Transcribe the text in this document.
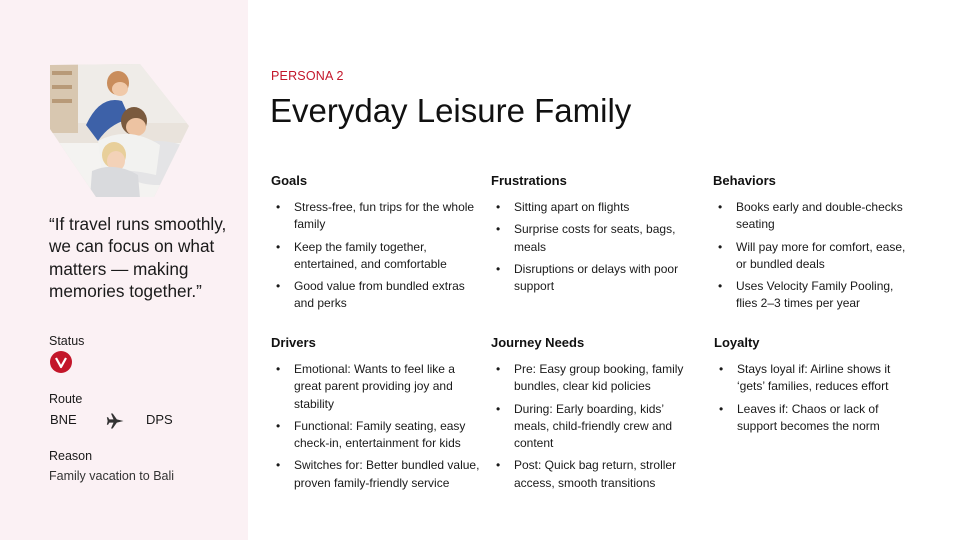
“If travel runs smoothly, we can focus on what matters — making memories together.”
Status
Route
BNE	DPS
Reason
Family vacation to Bali
PERSONA 2
Everyday Leisure Family
Goals
• Stress-free, fun trips for the whole family
• Keep the family together, entertained, and comfortable
• Good value from bundled extras and perks
Frustrations
• Sitting apart on flights
• Surprise costs for seats, bags, meals
• Disruptions or delays with poor support
Behaviors
• Books early and double-checks seating
• Will pay more for comfort, ease, or bundled deals
• Uses Velocity Family Pooling, flies 2–3 times per year
Drivers
• Emotional: Wants to feel like a great parent providing joy and stability
• Functional: Family seating, easy check-in, entertainment for kids
• Switches for: Better bundled value, proven family-friendly service
Journey Needs
• Pre: Easy group booking, family bundles, clear kid policies
• During: Early boarding, kids’ meals, child-friendly crew and content
• Post: Quick bag return, stroller access, smooth transitions
Loyalty
• Stays loyal if: Airline shows it ‘gets’ families, reduces effort
• Leaves if: Chaos or lack of support becomes the norm
